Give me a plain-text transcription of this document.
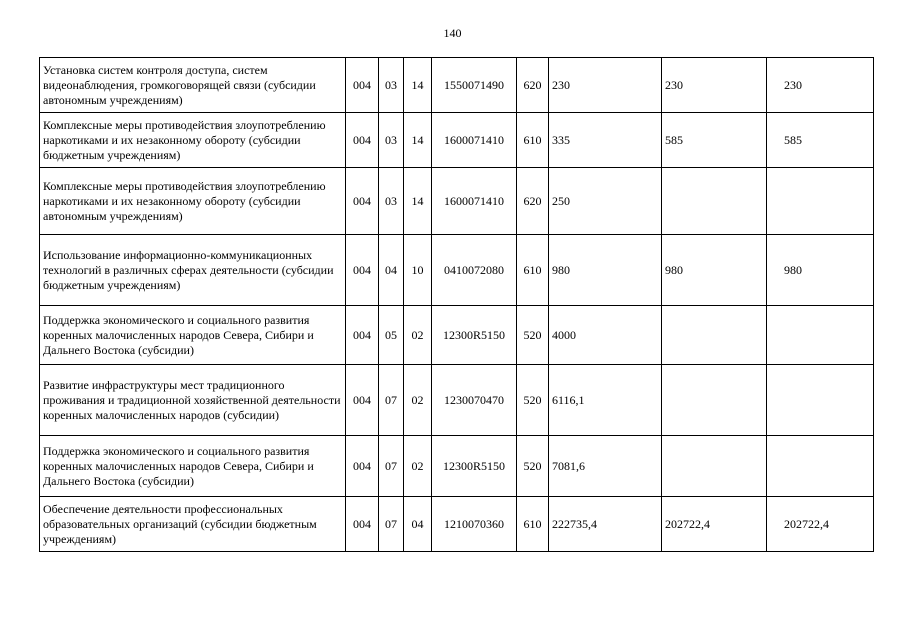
140
Установка систем контроля доступа, систем видеонаблюдения, громкоговорящей связи (субсидии автономным учреждениям)	004	03	14	1550071490	620	230	230	230
Комплексные меры противодействия злоупотреблению наркотиками и их незаконному обороту (субсидии бюджетным учреждениям)	004	03	14	1600071410	610	335	585	585
Комплексные меры противодействия злоупотреблению наркотиками и их незаконному обороту (субсидии автономным учреждениям)	004	03	14	1600071410	620	250		
Использование информационно-коммуникационных технологий в различных сферах деятельности (субсидии бюджетным учреждениям)	004	04	10	0410072080	610	980	980	980
Поддержка экономического и социального развития коренных малочисленных народов Севера, Сибири и Дальнего Востока (субсидии)	004	05	02	12300R5150	520	4000		
Развитие инфраструктуры мест традиционного проживания и традиционной хозяйственной деятельности коренных малочисленных народов (субсидии)	004	07	02	1230070470	520	6116,1		
Поддержка экономического и социального развития коренных малочисленных народов Севера, Сибири и Дальнего Востока (субсидии)	004	07	02	12300R5150	520	7081,6		
Обеспечение деятельности профессиональных образовательных организаций (субсидии бюджетным учреждениям)	004	07	04	1210070360	610	222735,4	202722,4	202722,4
